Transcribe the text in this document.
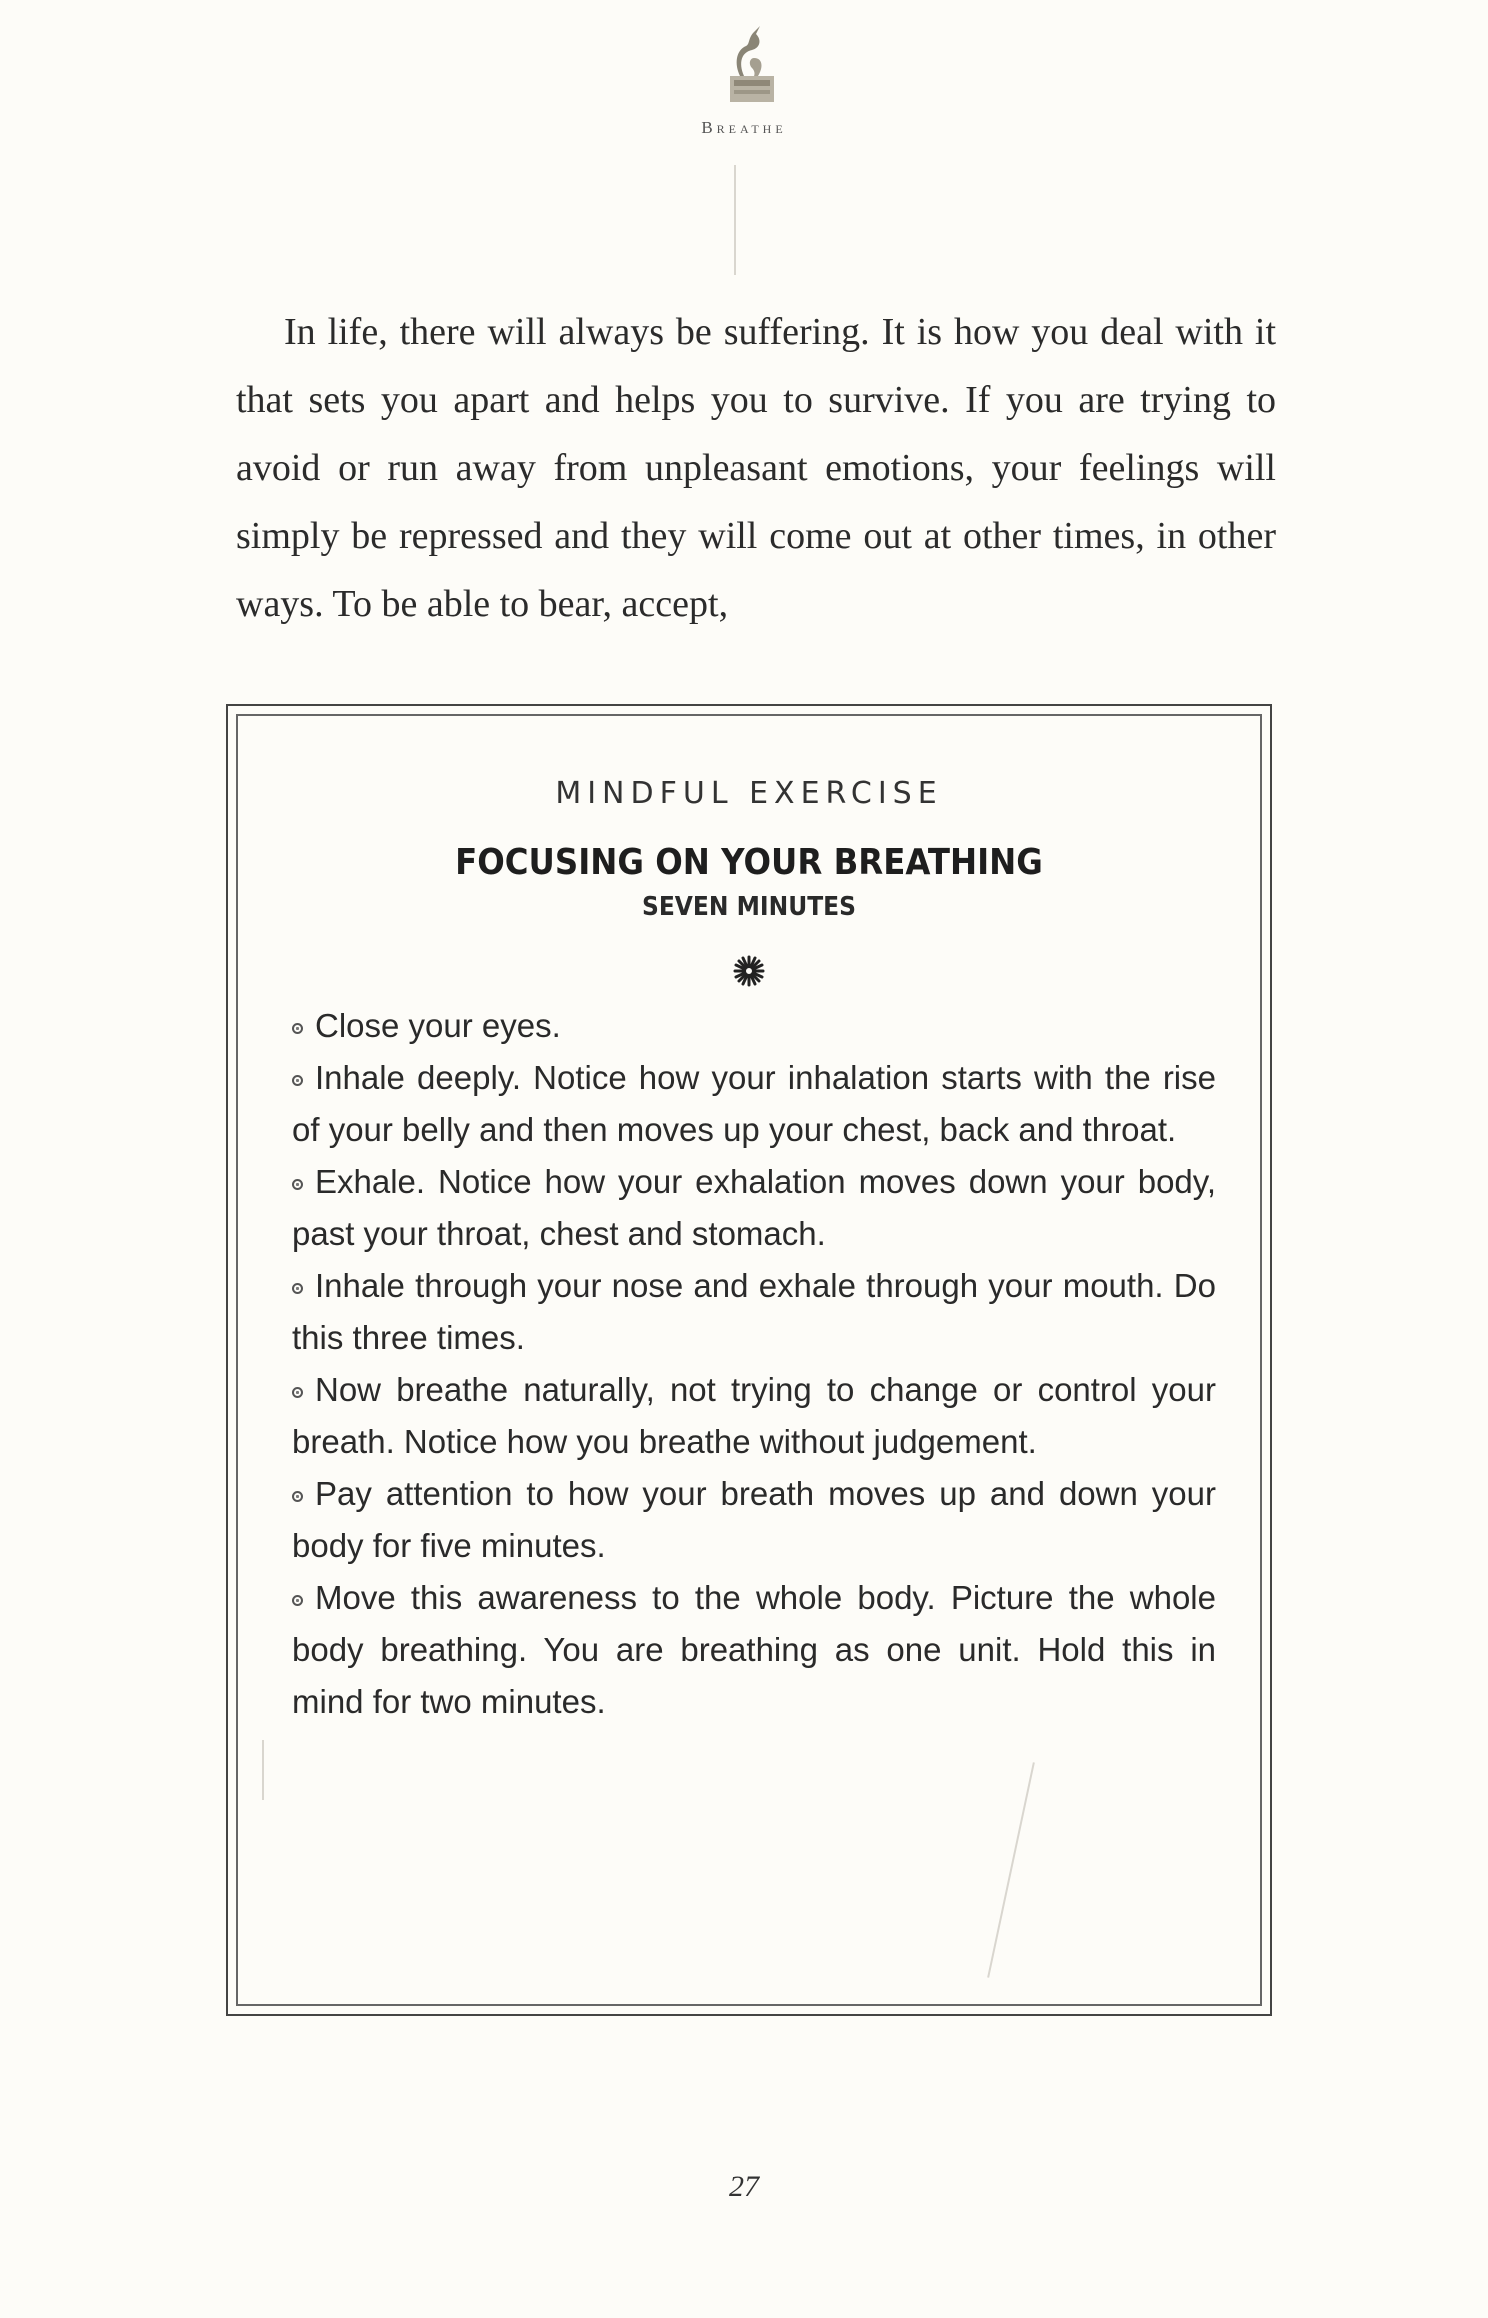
Breathe

In life, there will always be suffering. It is how you deal with it that sets you apart and helps you to survive. If you are trying to avoid or run away from unpleasant emotions, your feelings will simply be repressed and they will come out at other times, in other ways. To be able to bear, accept,

MINDFUL EXERCISE
FOCUSING ON YOUR BREATHING
SEVEN MINUTES
Close your eyes.
Inhale deeply. Notice how your inhalation starts with the rise of your belly and then moves up your chest, back and throat.
Exhale. Notice how your exhalation moves down your body, past your throat, chest and stomach.
Inhale through your nose and exhale through your mouth. Do this three times.
Now breathe naturally, not trying to change or control your breath. Notice how you breathe without judgement.
Pay attention to how your breath moves up and down your body for five minutes.
Move this awareness to the whole body. Picture the whole body breathing. You are breathing as one unit. Hold this in mind for two minutes.
27
